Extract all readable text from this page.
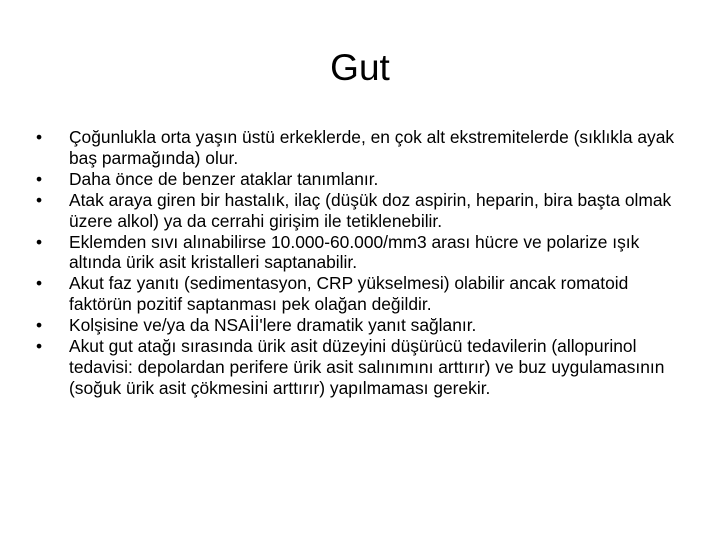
Gut
•	Çoğunlukla orta yaşın üstü erkeklerde, en çok alt ekstremitelerde (sıklıkla ayak baş parmağında) olur.
•	Daha önce de benzer ataklar tanımlanır.
•	Atak araya giren bir hastalık, ilaç (düşük doz aspirin, heparin, bira başta olmak üzere alkol) ya da cerrahi girişim ile tetiklenebilir.
•	Eklemden sıvı alınabilirse 10.000-60.000/mm3 arası hücre ve polarize ışık altında ürik asit kristalleri saptanabilir.
•	Akut faz yanıtı (sedimentasyon, CRP yükselmesi) olabilir ancak romatoid faktörün pozitif saptanması pek olağan değildir.
•	Kolşisine ve/ya da NSAİİ'lere dramatik yanıt sağlanır.
•	Akut gut atağı sırasında ürik asit düzeyini düşürücü tedavilerin (allopurinol tedavisi: depolardan perifere ürik asit salınımını arttırır) ve buz uygulamasının (soğuk ürik asit çökmesini arttırır) yapılmaması gerekir.
